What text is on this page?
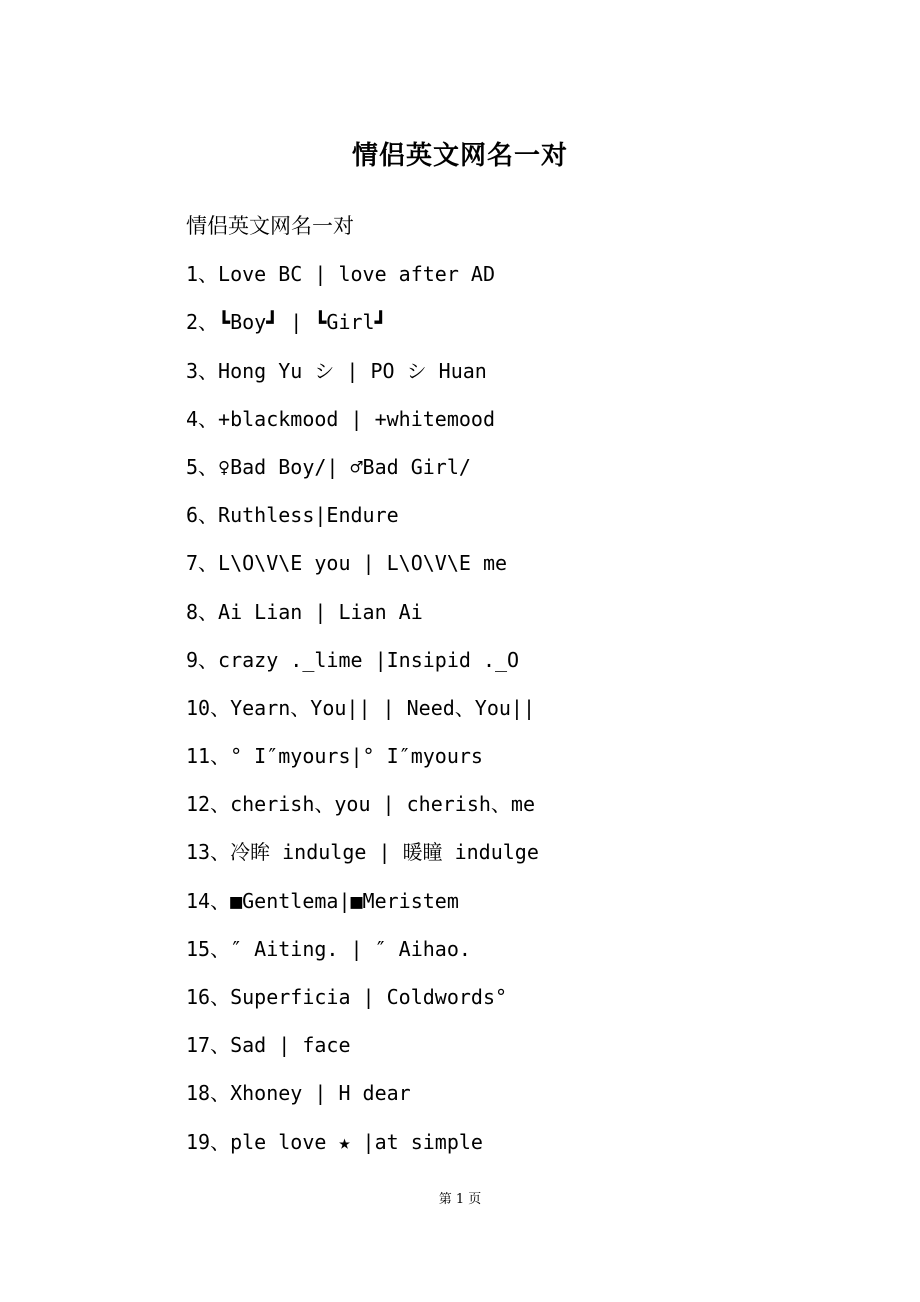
情侣英文网名一对
情侣英文网名一对
1、Love BC | love after AD
2、┗Boy┛ | ┗Girl┛
3、Hong Yu シ | PO シ Huan
4、+blackmood | +whitemood
5、♀Bad Boy/| ♂Bad Girl/
6、Ruthless|Endure
7、L\O\V\E you | L\O\V\E me
8、Ai Lian | Lian Ai
9、crazy ._lime |Insipid ._O
10、Yearn、You|| | Need、You||
11、° I″myours|° I″myours
12、cherish、you | cherish、me
13、冷眸 indulge | 暖瞳 indulge
14、■Gentlema|■Meristem
15、″ Aiting. | ″ Aihao.
16、Superficia | Coldwords°
17、Sad | face
18、Xhoney | H dear
19、ple love ★ |at simple
第 1 页
